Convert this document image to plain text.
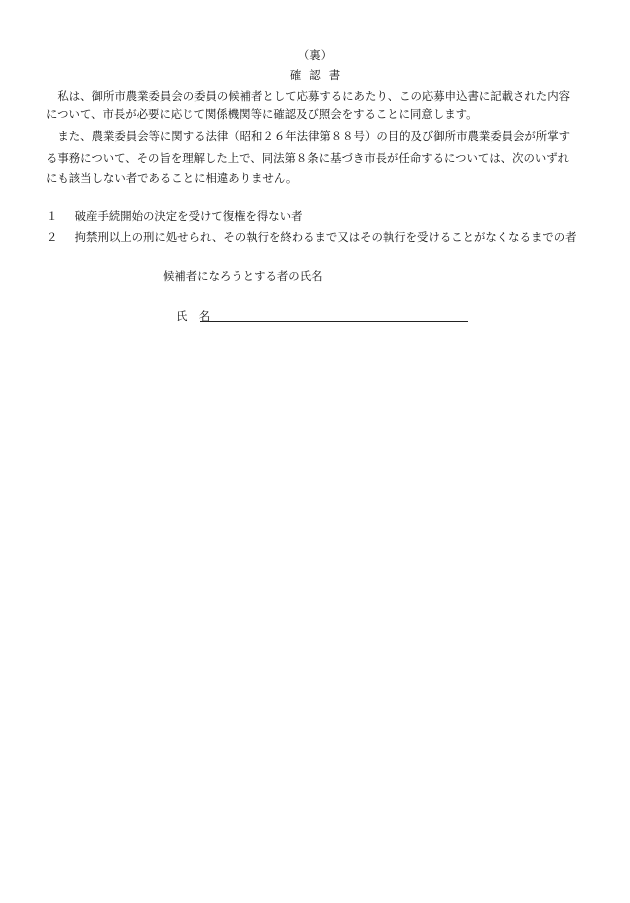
（裏）
確認書
　私は、御所市農業委員会の委員の候補者として応募するにあたり、この応募申込書に記載された内容
について、市長が必要に応じて関係機関等に確認及び照会をすることに同意します。
　また、農業委員会等に関する法律（昭和２６年法律第８８号）の目的及び御所市農業委員会が所掌す
る事務について、その旨を理解した上で、同法第８条に基づき市長が任命するについては、次のいずれ
にも該当しない者であることに相違ありません。
１ 破産手続開始の決定を受けて復権を得ない者
２ 拘禁刑以上の刑に処せられ、その執行を終わるまで又はその執行を受けることがなくなるまでの者
候補者になろうとする者の氏名
氏　名
